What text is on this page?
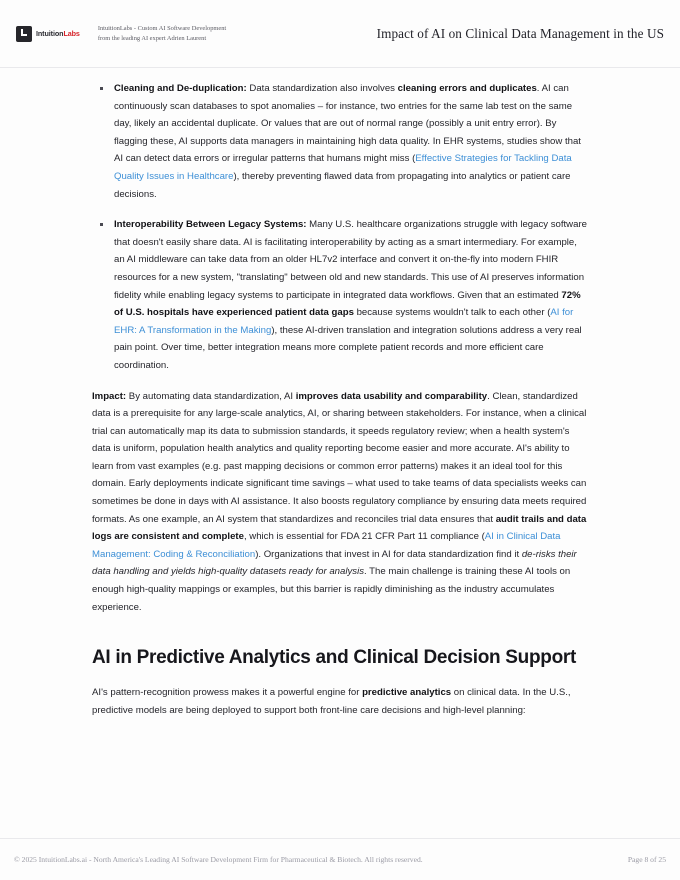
IntuitionLabs
IntuitionLabs - Custom AI Software Development
from the leading AI expert Adrien Laurent	Impact of AI on Clinical Data Management in the US
Cleaning and De-duplication: Data standardization also involves cleaning errors and duplicates. AI can continuously scan databases to spot anomalies – for instance, two entries for the same lab test on the same day, likely an accidental duplicate. Or values that are out of normal range (possibly a unit entry error). By flagging these, AI supports data managers in maintaining high data quality. In EHR systems, studies show that AI can detect data errors or irregular patterns that humans might miss (Effective Strategies for Tackling Data Quality Issues in Healthcare), thereby preventing flawed data from propagating into analytics or patient care decisions.
Interoperability Between Legacy Systems: Many U.S. healthcare organizations struggle with legacy software that doesn't easily share data. AI is facilitating interoperability by acting as a smart intermediary. For example, an AI middleware can take data from an older HL7v2 interface and convert it on-the-fly into modern FHIR resources for a new system, "translating" between old and new standards. This use of AI preserves information fidelity while enabling legacy systems to participate in integrated data workflows. Given that an estimated 72% of U.S. hospitals have experienced patient data gaps because systems wouldn't talk to each other (AI for EHR: A Transformation in the Making), these AI-driven translation and integration solutions address a very real pain point. Over time, better integration means more complete patient records and more efficient care coordination.

Impact: By automating data standardization, AI improves data usability and comparability. Clean, standardized data is a prerequisite for any large-scale analytics, AI, or sharing between stakeholders. For instance, when a clinical trial can automatically map its data to submission standards, it speeds regulatory review; when a health system's data is uniform, population health analytics and quality reporting become easier and more accurate. AI's ability to learn from vast examples (e.g. past mapping decisions or common error patterns) makes it an ideal tool for this domain. Early deployments indicate significant time savings – what used to take teams of data specialists weeks can sometimes be done in days with AI assistance. It also boosts regulatory compliance by ensuring data meets required formats. As one example, an AI system that standardizes and reconciles trial data ensures that audit trails and data logs are consistent and complete, which is essential for FDA 21 CFR Part 11 compliance (AI in Clinical Data Management: Coding & Reconciliation). Organizations that invest in AI for data standardization find it de-risks their data handling and yields high-quality datasets ready for analysis. The main challenge is training these AI tools on enough high-quality mappings or examples, but this barrier is rapidly diminishing as the industry accumulates experience.

AI in Predictive Analytics and Clinical Decision Support

AI's pattern-recognition prowess makes it a powerful engine for predictive analytics on clinical data. In the U.S., predictive models are being deployed to support both front-line care decisions and high-level planning:

© 2025 IntuitionLabs.ai - North America's Leading AI Software Development Firm for Pharmaceutical & Biotech. All rights reserved.	Page 8 of 25
